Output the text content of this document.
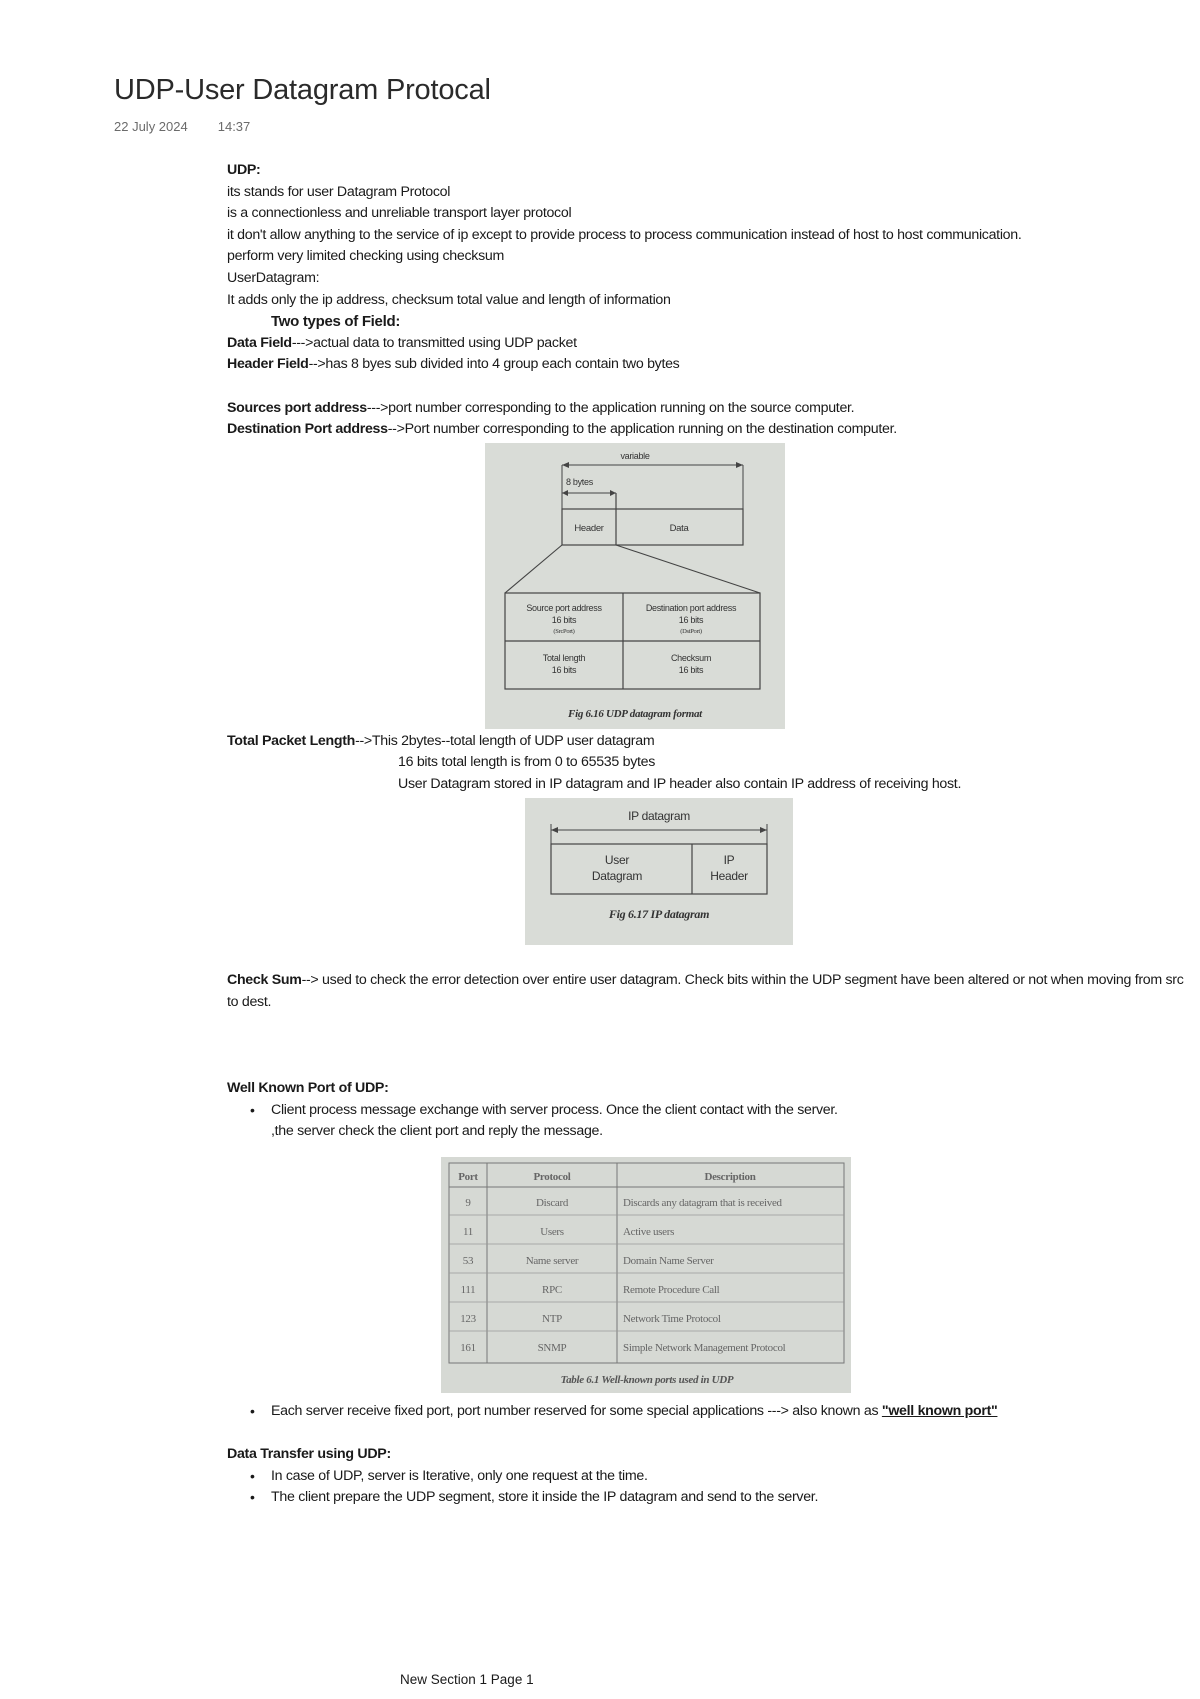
UDP-User Datagram Protocal
22 July 2024 14:37
UDP:
its stands for user Datagram Protocol
is a connectionless and unreliable transport layer protocol
it don't allow anything to the service of ip except to provide process to process communication instead of host to host communication.
perform very limited checking using checksum
UserDatagram:
It adds only the ip address, checksum total value and length of information
Two types of Field:
Data Field--->actual data to transmitted using UDP packet
Header Field-->has 8 byes sub divided into 4 group each contain two bytes
Sources port address--->port number corresponding to the application running on the source computer.
Destination Port address-->Port number corresponding to the application running on the destination computer.
variable
8 bytes
Header	Data
Source port address
16 bits
(SrcPort)
Destination port address
16 bits
(DstPort)
Total length
16 bits
Checksum
16 bits
Fig 6.16 UDP datagram format
Total Packet Length-->This 2bytes--total length of UDP user datagram
16 bits total length is from 0 to 65535 bytes
User Datagram stored in IP datagram and IP header also contain IP address of receiving host.
IP datagram
User
Datagram
IP
Header
Fig 6.17 IP datagram
Check Sum--> used to check the error detection over entire user datagram. Check bits within the UDP segment have been altered or not when moving from src to dest.
Well Known Port of UDP:
• Client process message exchange with server process. Once the client contact with the server.
,the server check the client port and reply the message.
Port	Protocol	Description
9	Discard	Discards any datagram that is received
11	Users	Active users
53	Name server	Domain Name Server
111	RPC	Remote Procedure Call
123	NTP	Network Time Protocol
161	SNMP	Simple Network Management Protocol
Table 6.1 Well-known ports used in UDP
• Each server receive fixed port, port number reserved for some special applications ---> also known as "well known port"
Data Transfer using UDP:
• In case of UDP, server is Iterative, only one request at the time.
• The client prepare the UDP segment, store it inside the IP datagram and send to the server.
New Section 1 Page 1
